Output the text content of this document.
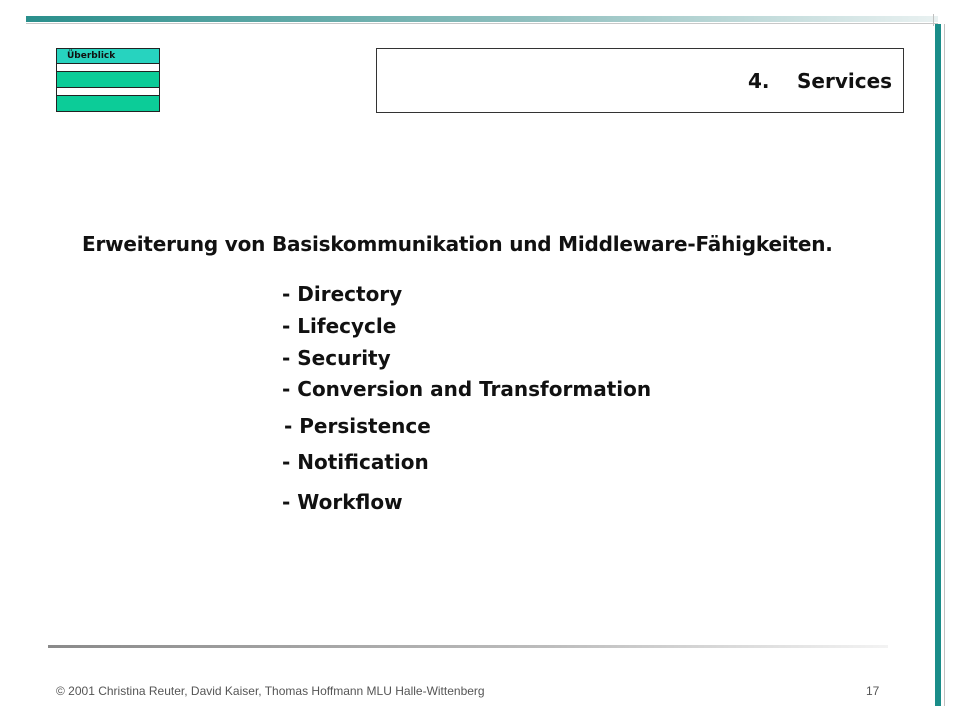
Überblick
4. Services
Erweiterung von Basiskommunikation und Middleware-Fähigkeiten.
- Directory
- Lifecycle
- Security
- Conversion and Transformation
- Persistence
- Notification
- Workflow
© 2001 Christina Reuter, David Kaiser, Thomas Hoffmann MLU Halle-Wittenberg	17
